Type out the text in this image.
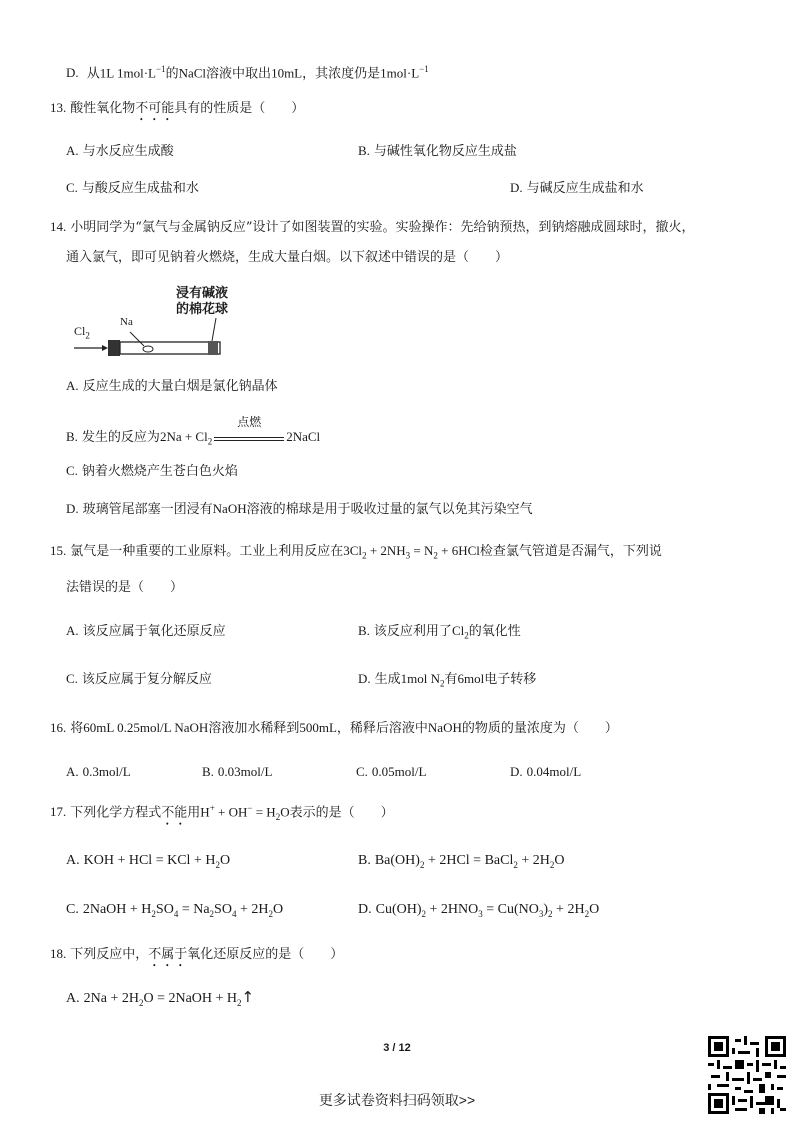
D. 从1L $1mol\cdot L^{-1}$的NaCl溶液中取出10mL，其浓度仍是$1mol\cdot L^{-1}$
13. 酸性氧化物不可能具有的性质是（　　）
A. 与水反应生成酸	B. 与碱性氧化物反应生成盐
C. 与酸反应生成盐和水	D. 与碱反应生成盐和水
14. 小明同学为“氯气与金属钠反应”设计了如图装置的实验。实验操作：先给钠预热，到钠熔融成圆球时，撤火，
通入氯气，即可见钠着火燃烧，生成大量白烟。以下叙述中错误的是（　　）
浸有碱液
的棉花球
Na
$Cl_2$
A. 反应生成的大量白烟是氯化钠晶体
B. 发生的反应为$2Na + Cl_2$
点燃
2NaCl
C. 钠着火燃烧产生苍白色火焰
D. 玻璃管尾部塞一团浸有NaOH溶液的棉球是用于吸收过量的氯气以免其污染空气
15. 氯气是一种重要的工业原料。工业上利用反应在$3Cl_2 + 2NH_3 = N_2 + 6HCl$检查氯气管道是否漏气，下列说
法错误的是（　　）
A. 该反应属于氧化还原反应	B. 该反应利用了$Cl_2$的氧化性
C. 该反应属于复分解反应	D. 生成1mol $N_2$有6mol电子转移
16. 将60mL 0.25mol/L NaOH溶液加水稀释到500mL，稀释后溶液中NaOH的物质的量浓度为（　　）
A. 0.3mol/L	B. 0.03mol/L	C. 0.05mol/L	D. 0.04mol/L
17. 下列化学方程式不能用$H^+ + OH^- = H_2O$表示的是（　　）
A. KOH + HCl = KCl + $H_2O$	B. $Ba(OH)_2 + 2HCl$ = BaCl$_2$ + $2H_2O$
C. 2NaOH + $H_2SO_4 = Na_2SO_4 + 2H_2O$	D. $Cu(OH)_2 + 2HNO_3 = Cu(NO_3)_2 + 2H_2O$
18. 下列反应中，不属于氧化还原反应的是（　　）
A. $2Na + 2H_2O$ = 2NaOH + $H_2↑$
3 / 12
更多试卷资料扫码领取>>
